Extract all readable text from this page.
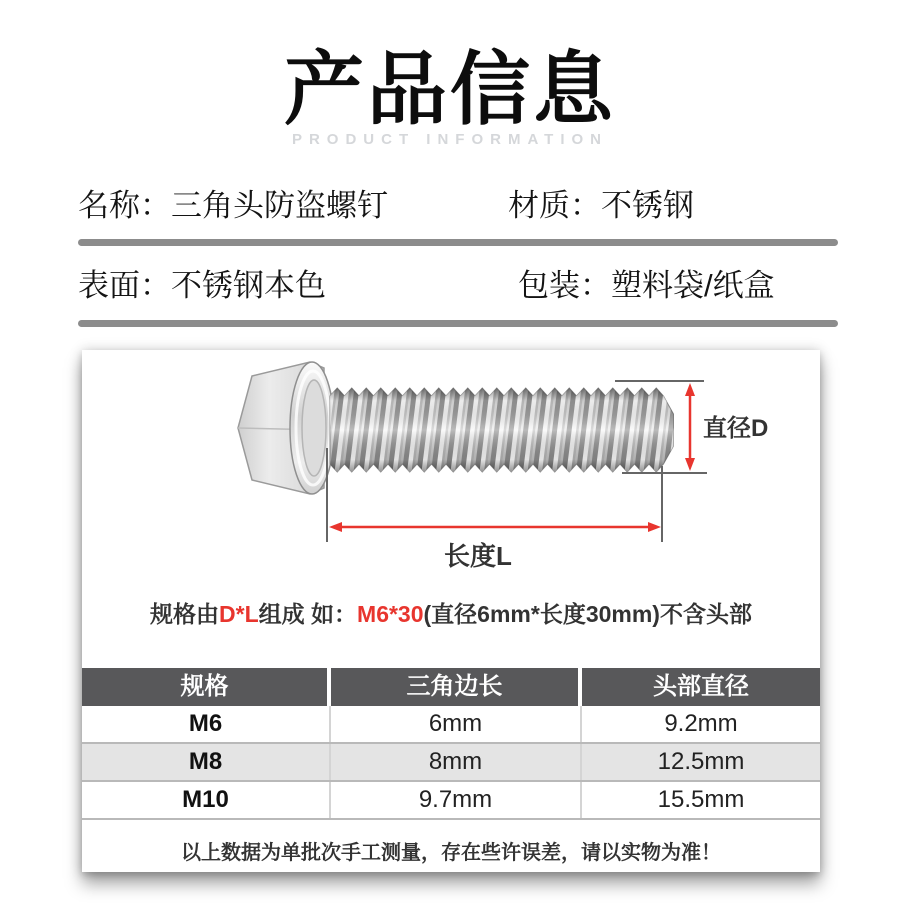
产品信息
PRODUCT INFORMATION
名称：三角头防盗螺钉	材质：不锈钢
表面：不锈钢本色	包装：塑料袋/纸盒
直径D
长度L
规格由D*L组成 如：M6*30(直径6mm*长度30mm)不含头部
规格	三角边长	头部直径
M6	6mm	9.2mm
M8	8mm	12.5mm
M10	9.7mm	15.5mm
以上数据为单批次手工测量，存在些许误差，请以实物为准！
